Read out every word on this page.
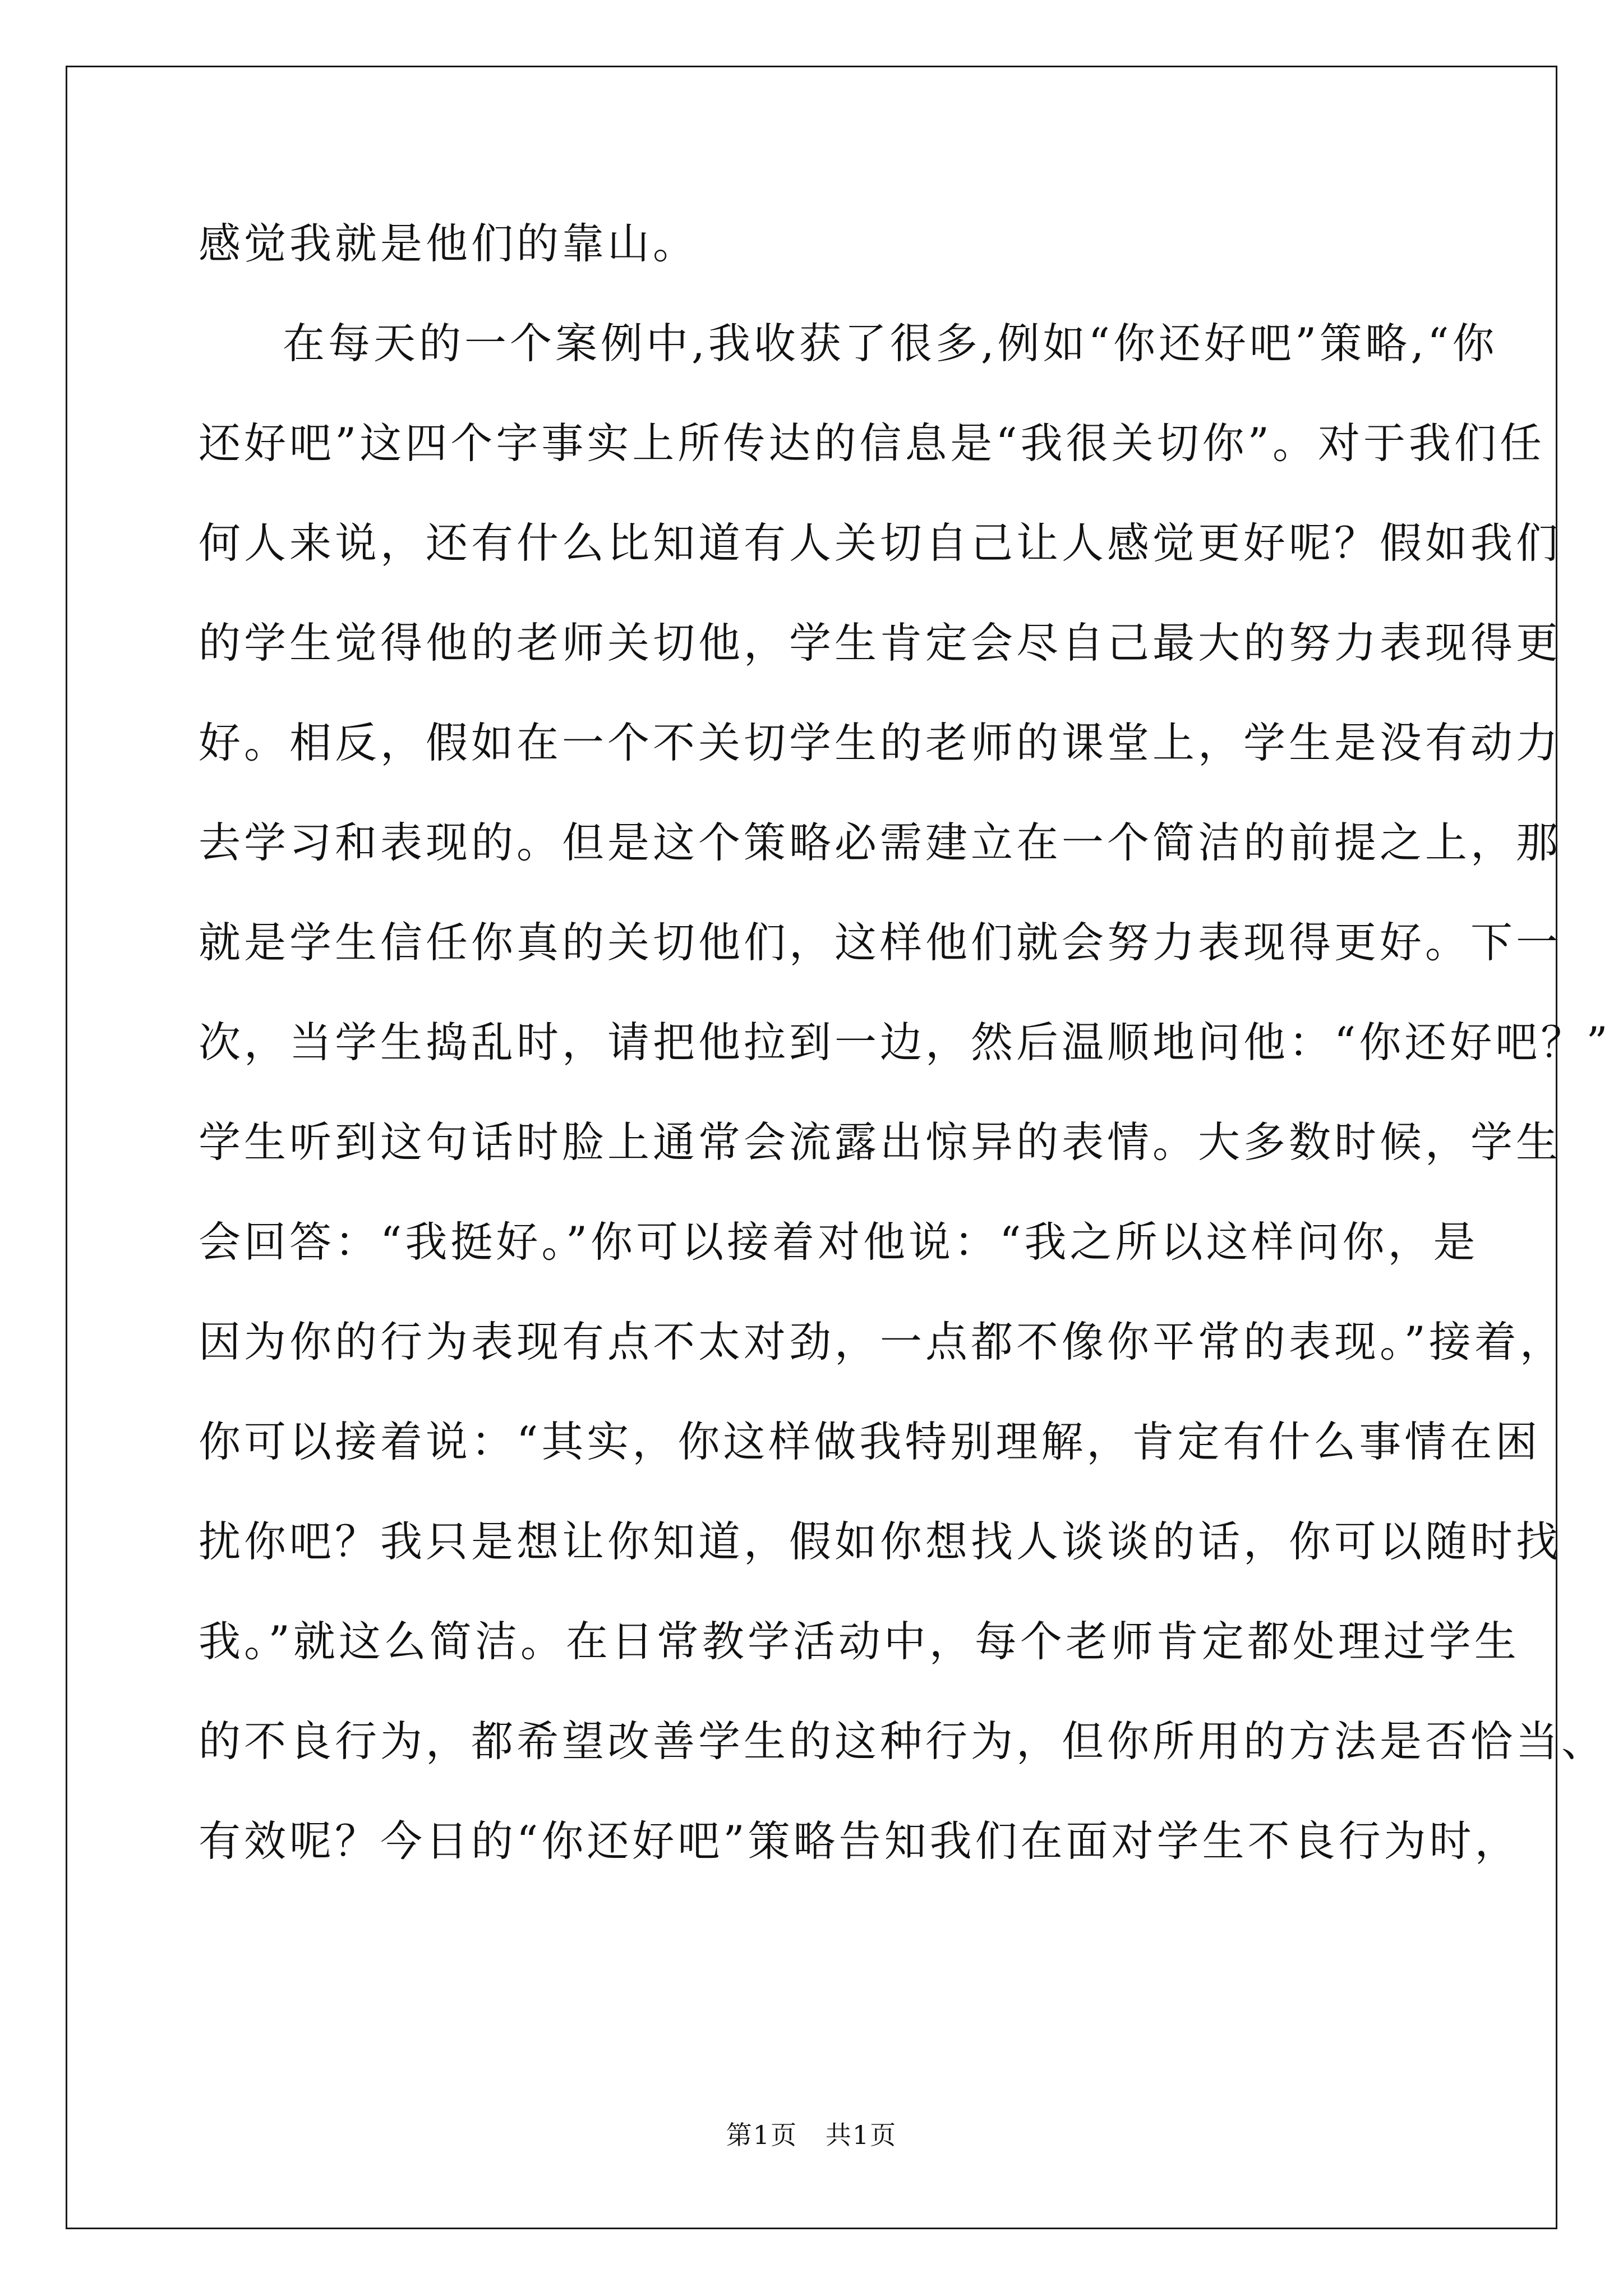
感觉我就是他们的靠山。
在每天的一个案例中,我收获了很多,例如“你还好吧”策略,“你
还好吧”这四个字事实上所传达的信息是“我很关切你”。对于我们任
何人来说，还有什么比知道有人关切自己让人感觉更好呢？假如我们
的学生觉得他的老师关切他，学生肯定会尽自己最大的努力表现得更
好。相反，假如在一个不关切学生的老师的课堂上，学生是没有动力
去学习和表现的。但是这个策略必需建立在一个简洁的前提之上，那
就是学生信任你真的关切他们，这样他们就会努力表现得更好。下一
次，当学生捣乱时，请把他拉到一边，然后温顺地问他：“你还好吧？”
学生听到这句话时脸上通常会流露出惊异的表情。大多数时候，学生
会回答：“我挺好。”你可以接着对他说：“我之所以这样问你，是
因为你的行为表现有点不太对劲，一点都不像你平常的表现。”接着，
你可以接着说：“其实，你这样做我特别理解，肯定有什么事情在困
扰你吧？我只是想让你知道，假如你想找人谈谈的话，你可以随时找
我。”就这么简洁。在日常教学活动中，每个老师肯定都处理过学生
的不良行为，都希望改善学生的这种行为，但你所用的方法是否恰当、
有效呢？今日的“你还好吧”策略告知我们在面对学生不良行为时，
第1页   共1页
